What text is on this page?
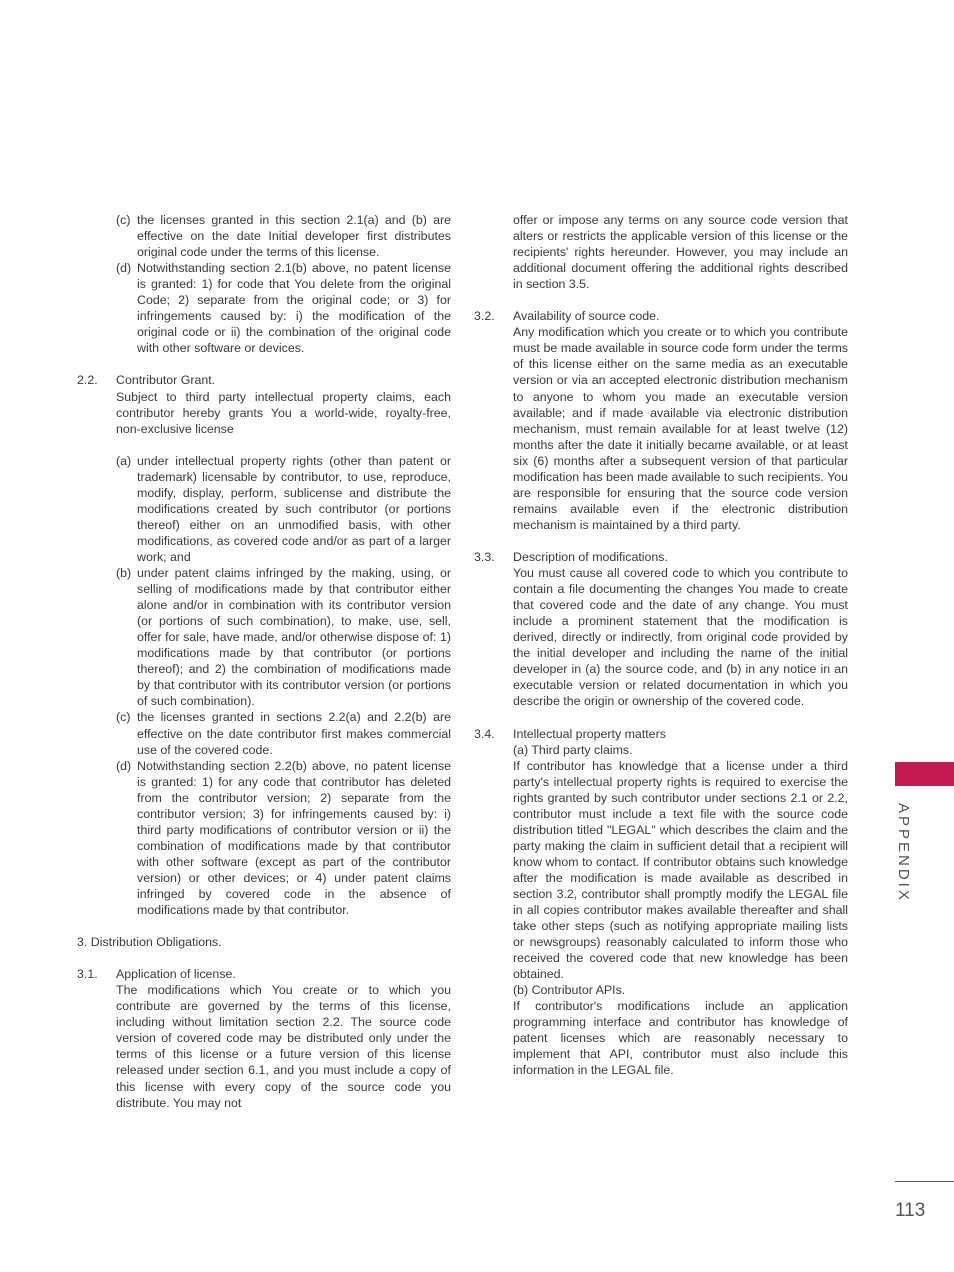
(c) the licenses granted in this section 2.1(a) and (b) are effective on the date Initial developer first distributes original code under the terms of this license.
(d) Notwithstanding section 2.1(b) above, no patent license is granted: 1) for code that You delete from the original Code; 2) separate from the original code; or 3) for infringements caused by: i) the modification of the original code or ii) the combination of the original code with other software or devices.
2.2. Contributor Grant.
Subject to third party intellectual property claims, each contributor hereby grants You a world-wide, royalty-free, non-exclusive license
(a) under intellectual property rights (other than patent or trademark) licensable by contributor, to use, reproduce, modify, display, perform, sublicense and distribute the modifications created by such contributor (or portions thereof) either on an unmodified basis, with other modifications, as covered code and/or as part of a larger work; and
(b) under patent claims infringed by the making, using, or selling of modifications made by that contributor either alone and/or in combination with its contributor version (or portions of such combination), to make, use, sell, offer for sale, have made, and/or otherwise dispose of: 1) modifications made by that contributor (or portions thereof); and 2) the combination of modifications made by that contributor with its contributor version (or portions of such combination).
(c) the licenses granted in sections 2.2(a) and 2.2(b) are effective on the date contributor first makes commercial use of the covered code.
(d) Notwithstanding section 2.2(b) above, no patent license is granted: 1) for any code that contributor has deleted from the contributor version; 2) separate from the contributor version; 3) for infringements caused by: i) third party modifications of contributor version or ii) the combination of modifications made by that contributor with other software (except as part of the contributor version) or other devices; or 4) under patent claims infringed by covered code in the absence of modifications made by that contributor.
3. Distribution Obligations.
3.1. Application of license.
The modifications which You create or to which you contribute are governed by the terms of this license, including without limitation section 2.2. The source code version of covered code may be distributed only under the terms of this license or a future version of this license released under section 6.1, and you must include a copy of this license with every copy of the source code you distribute. You may not
offer or impose any terms on any source code version that alters or restricts the applicable version of this license or the recipients' rights hereunder. However, you may include an additional document offering the additional rights described in section 3.5.
3.2. Availability of source code.
Any modification which you create or to which you contribute must be made available in source code form under the terms of this license either on the same media as an executable version or via an accepted electronic distribution mechanism to anyone to whom you made an executable version available; and if made available via electronic distribution mechanism, must remain available for at least twelve (12) months after the date it initially became available, or at least six (6) months after a subsequent version of that particular modification has been made available to such recipients. You are responsible for ensuring that the source code version remains available even if the electronic distribution mechanism is maintained by a third party.
3.3. Description of modifications.
You must cause all covered code to which you contribute to contain a file documenting the changes You made to create that covered code and the date of any change. You must include a prominent statement that the modification is derived, directly or indirectly, from original code provided by the initial developer and including the name of the initial developer in (a) the source code, and (b) in any notice in an executable version or related documentation in which you describe the origin or ownership of the covered code.
3.4. Intellectual property matters
(a) Third party claims.
If contributor has knowledge that a license under a third party's intellectual property rights is required to exercise the rights granted by such contributor under sections 2.1 or 2.2, contributor must include a text file with the source code distribution titled "LEGAL" which describes the claim and the party making the claim in sufficient detail that a recipient will know whom to contact. If contributor obtains such knowledge after the modification is made available as described in section 3.2, contributor shall promptly modify the LEGAL file in all copies contributor makes available thereafter and shall take other steps (such as notifying appropriate mailing lists or newsgroups) reasonably calculated to inform those who received the covered code that new knowledge has been obtained.
(b) Contributor APIs.
If contributor's modifications include an application programming interface and contributor has knowledge of patent licenses which are reasonably necessary to implement that API, contributor must also include this information in the LEGAL file.
APPENDIX
113
